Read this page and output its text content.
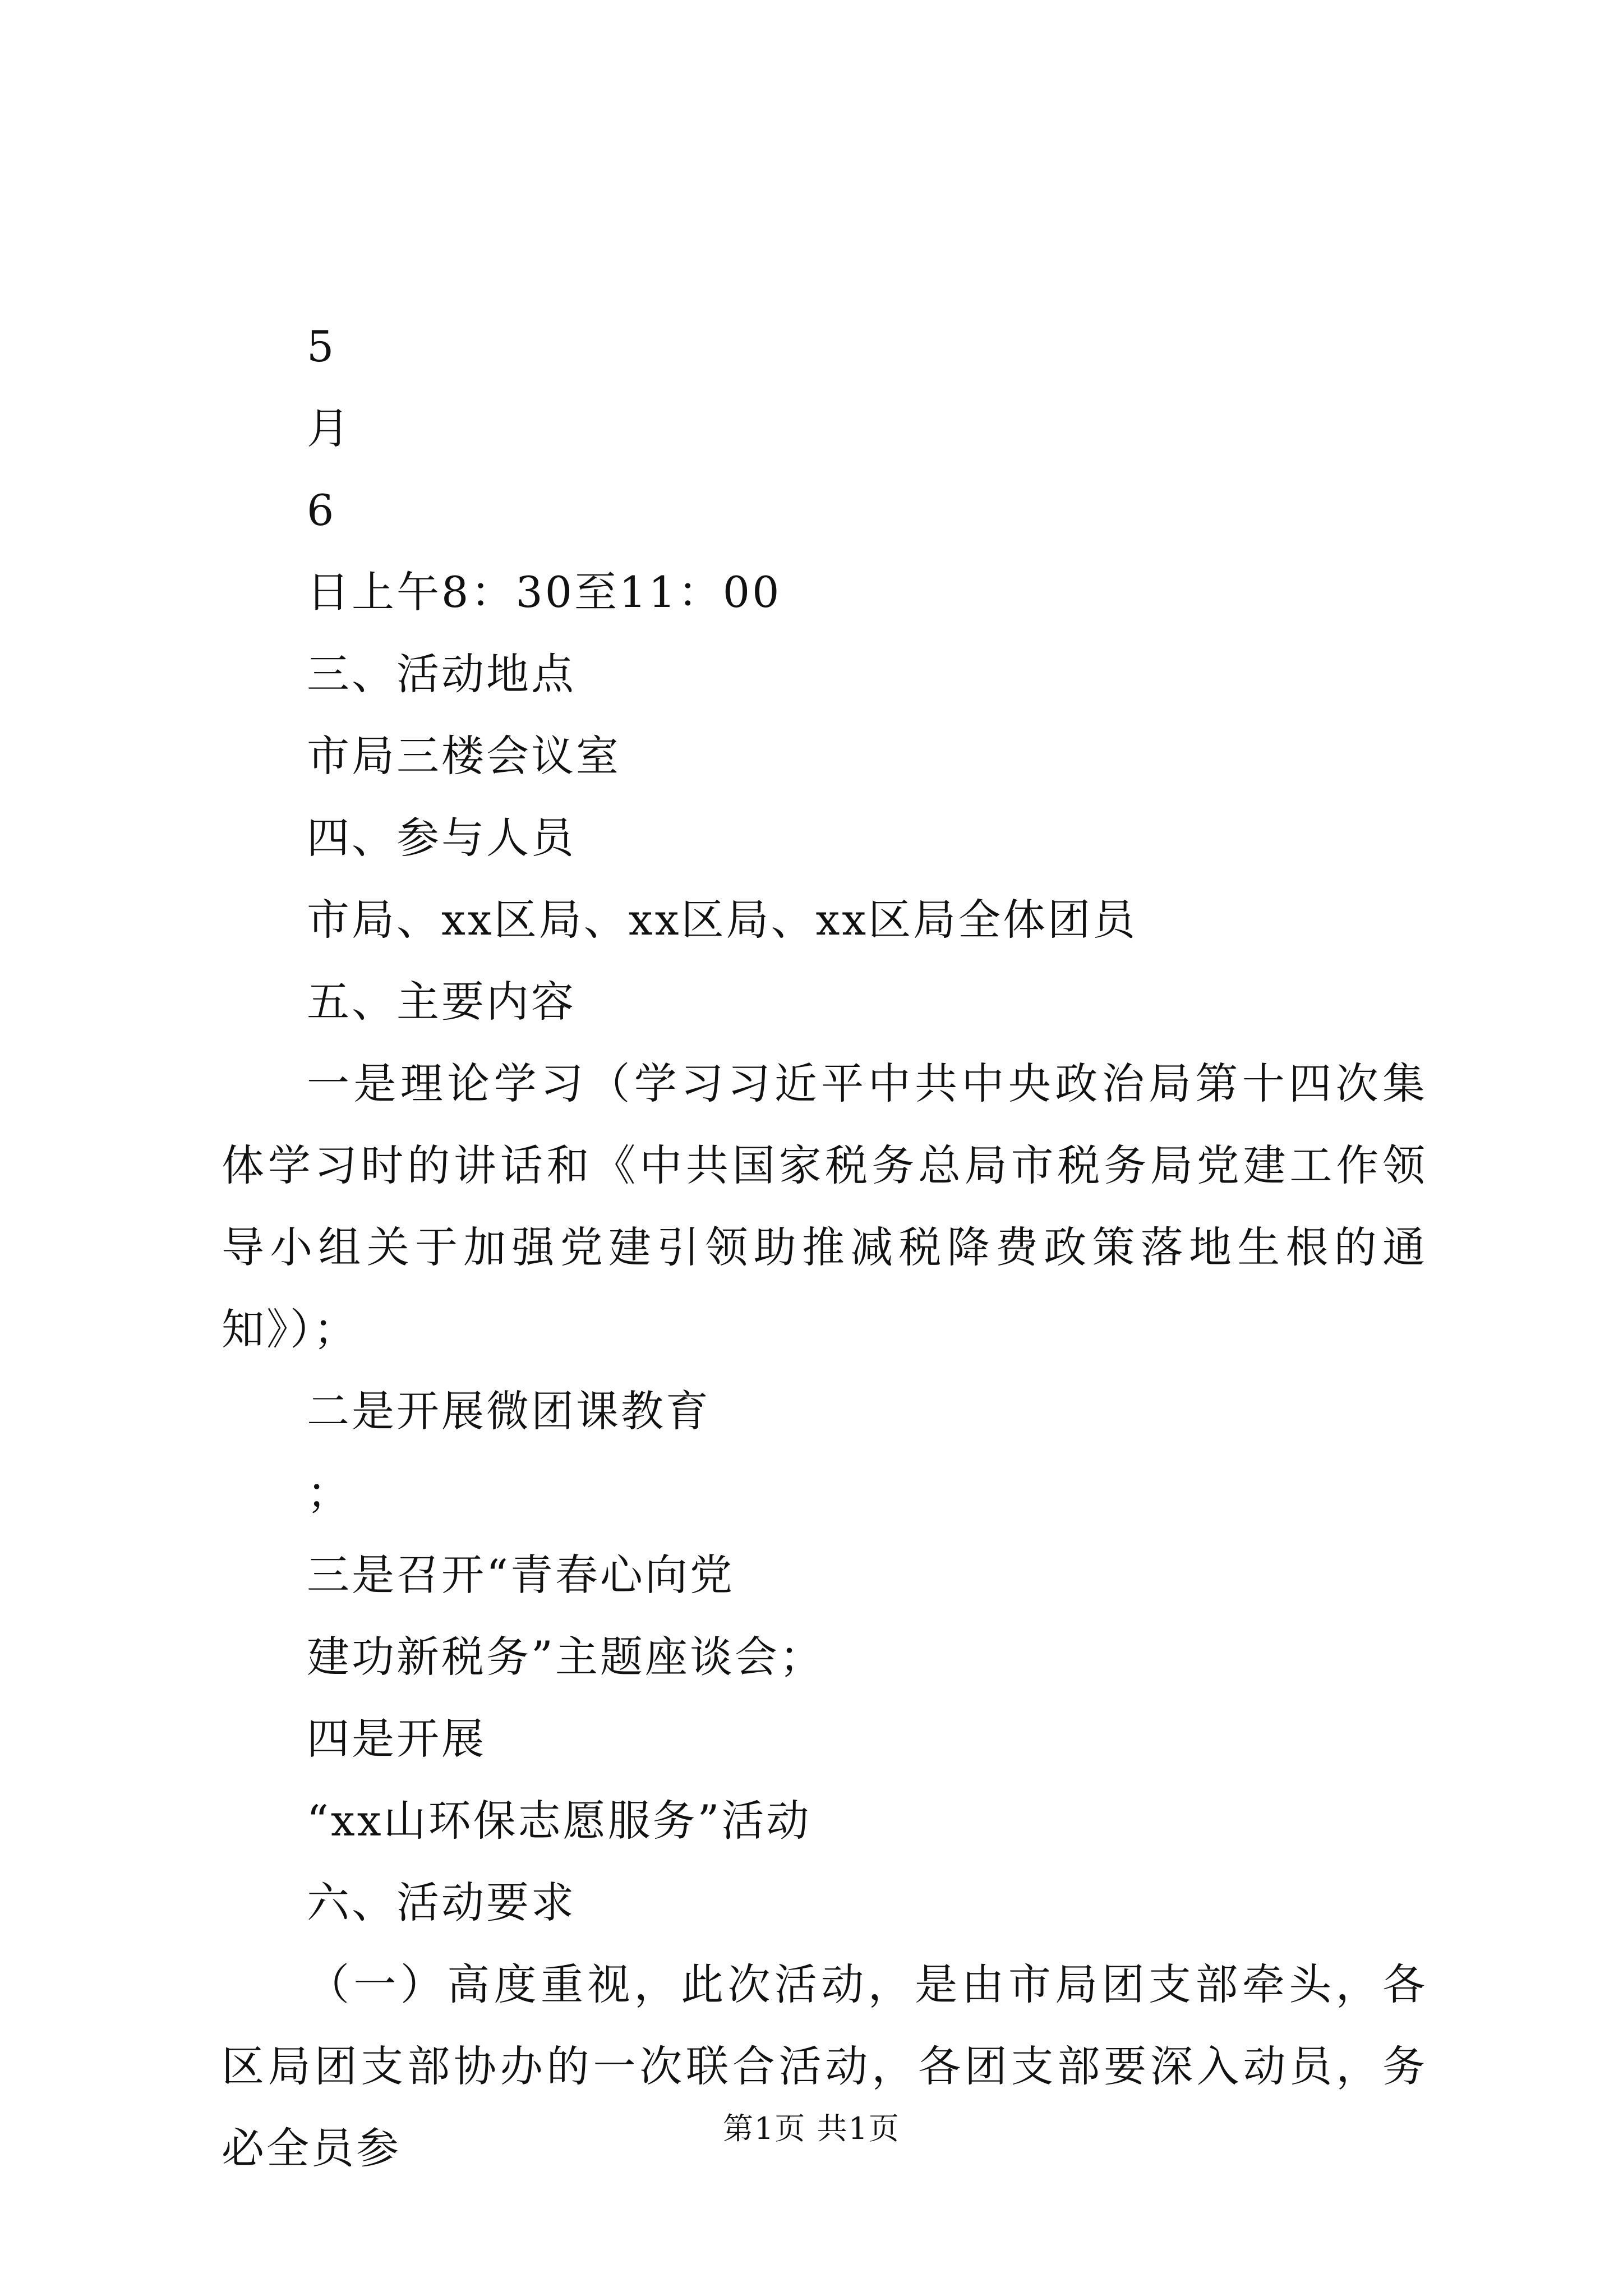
5
月
6
日上午8：30至11：00
三、活动地点
市局三楼会议室
四、参与人员
市局、xx区局、xx区局、xx区局全体团员
五、主要内容
一是理论学习（学习习近平中共中央政治局第十四次集体学习时的讲话和《中共国家税务总局市税务局党建工作领导小组关于加强党建引领助推减税降费政策落地生根的通知》）；
二是开展微团课教育
；
三是召开“青春心向党
建功新税务”主题座谈会；
四是开展
“xx山环保志愿服务”活动
六、活动要求
（一）高度重视，此次活动，是由市局团支部牵头，各区局团支部协办的一次联合活动，各团支部要深入动员，务必全员参	第1页 共1页
